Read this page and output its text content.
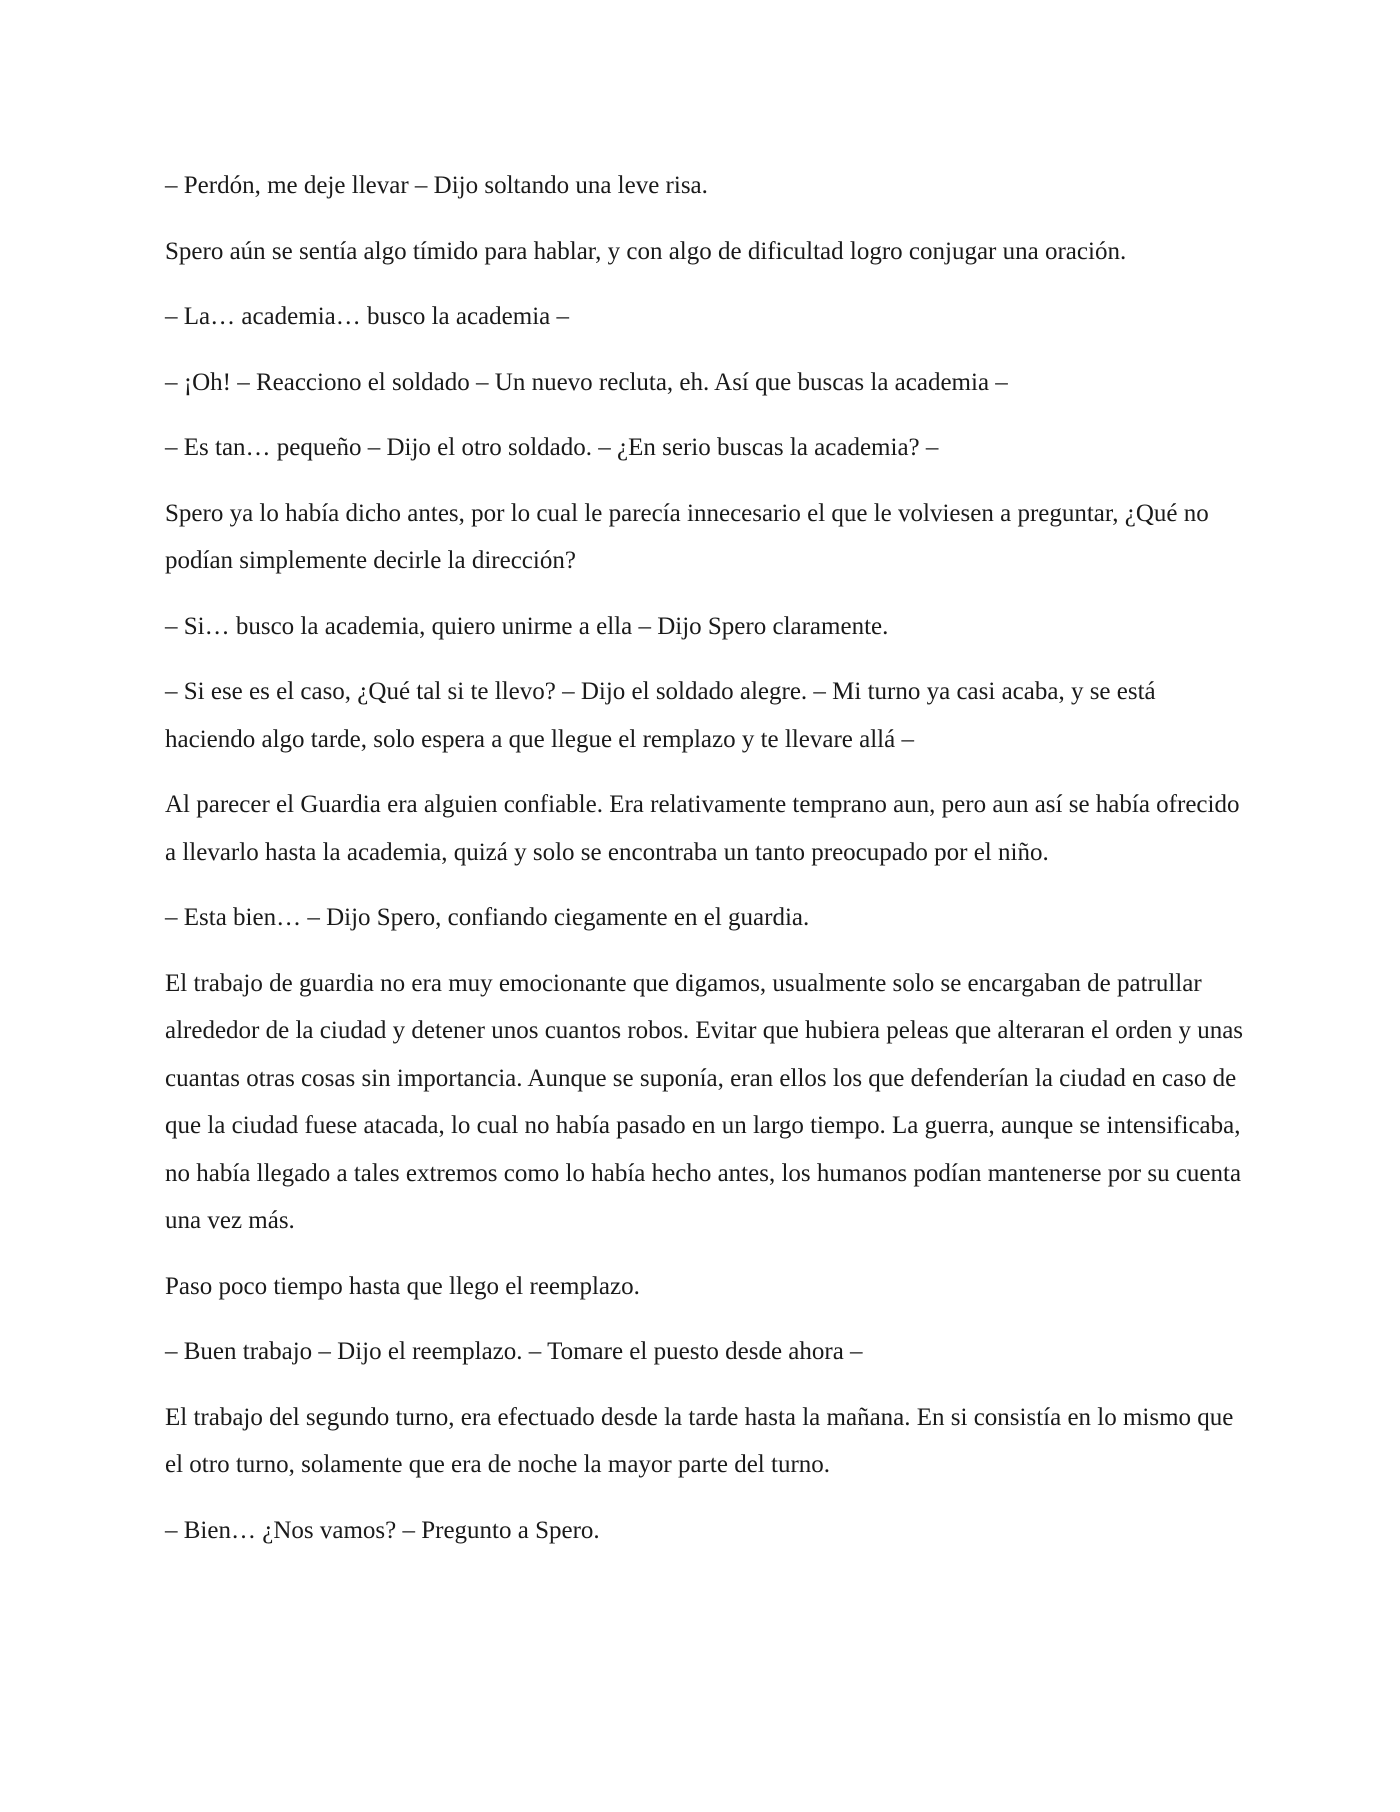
– Perdón, me deje llevar – Dijo soltando una leve risa.

Spero aún se sentía algo tímido para hablar, y con algo de dificultad logro conjugar una oración.

– La… academia… busco la academia –

– ¡Oh! – Reacciono el soldado – Un nuevo recluta, eh. Así que buscas la academia –

– Es tan… pequeño – Dijo el otro soldado. – ¿En serio buscas la academia? –

Spero ya lo había dicho antes, por lo cual le parecía innecesario el que le volviesen a preguntar, ¿Qué no podían simplemente decirle la dirección?

– Si… busco la academia, quiero unirme a ella – Dijo Spero claramente.

– Si ese es el caso, ¿Qué tal si te llevo? – Dijo el soldado alegre. – Mi turno ya casi acaba, y se está haciendo algo tarde, solo espera a que llegue el remplazo y te llevare allá –

Al parecer el Guardia era alguien confiable. Era relativamente temprano aun, pero aun así se había ofrecido a llevarlo hasta la academia, quizá y solo se encontraba un tanto preocupado por el niño.

– Esta bien… – Dijo Spero, confiando ciegamente en el guardia.

El trabajo de guardia no era muy emocionante que digamos, usualmente solo se encargaban de patrullar alrededor de la ciudad y detener unos cuantos robos. Evitar que hubiera peleas que alteraran el orden y unas cuantas otras cosas sin importancia. Aunque se suponía, eran ellos los que defenderían la ciudad en caso de que la ciudad fuese atacada, lo cual no había pasado en un largo tiempo. La guerra, aunque se intensificaba, no había llegado a tales extremos como lo había hecho antes, los humanos podían mantenerse por su cuenta una vez más.

Paso poco tiempo hasta que llego el reemplazo.

– Buen trabajo – Dijo el reemplazo. – Tomare el puesto desde ahora –

El trabajo del segundo turno, era efectuado desde la tarde hasta la mañana. En si consistía en lo mismo que el otro turno, solamente que era de noche la mayor parte del turno.

– Bien… ¿Nos vamos? – Pregunto a Spero.
